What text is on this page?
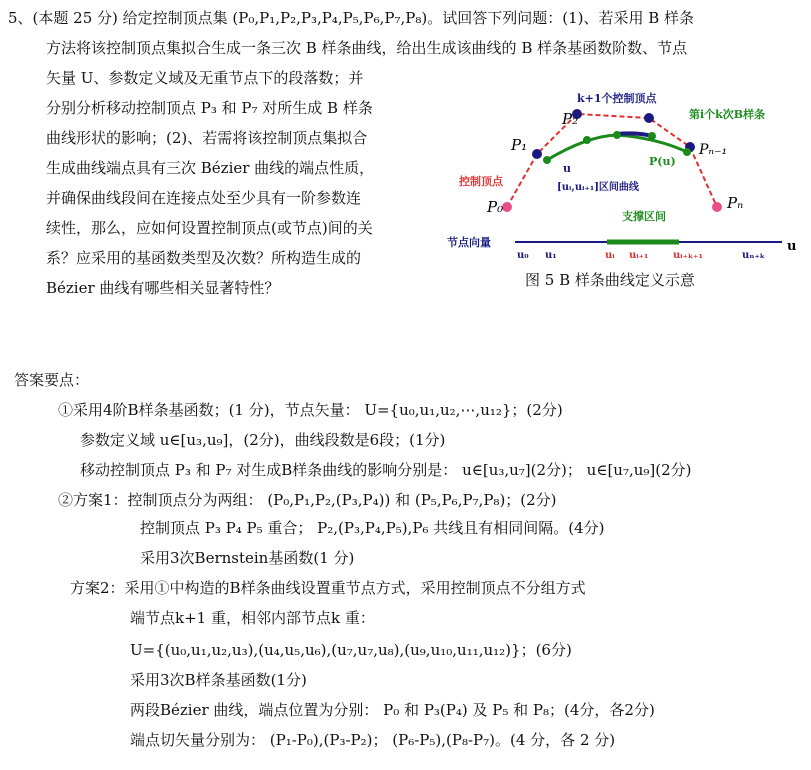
5、(本题 25 分) 给定控制顶点集 (P₀,P₁,P₂,P₃,P₄,P₅,P₆,P₇,P₈)。试回答下列问题：(1)、若采用 B 样条
方法将该控制顶点集拟合生成一条三次 B 样条曲线，给出生成该曲线的 B 样条基函数阶数、节点
矢量 U、参数定义域及无重节点下的段落数；并
分别分析移动控制顶点 P₃ 和 P₇ 对所生成 B 样条
曲线形状的影响；(2)、若需将该控制顶点集拟合
生成曲线端点具有三次 Bézier 曲线的端点性质，
并确保曲线段间在连接点处至少具有一阶参数连
续性，那么，应如何设置控制顶点(或节点)间的关
系？应采用的基函数类型及次数？所构造生成的
Bézier 曲线有哪些相关显著特性？
P₀
P₁
P₂
Pₙ₋₁
Pₙ
k+1个控制顶点
第i个k次B样条
控制顶点
P(u)
u
[uᵢ,uᵢ₊₁]区间曲线
支撑区间
节点向量	u
u₀ u₁	uᵢ uᵢ₊₁ uᵢ₊ₖ₊₁	uₙ₊ₖ
图 5 B 样条曲线定义示意
答案要点：
①采用4阶B样条基函数；(1 分)，节点矢量： U={u₀,u₁,u₂,⋯,u₁₂}；(2分)
参数定义域 u∈[u₃,u₉]，(2分)，曲线段数是6段；(1分)
移动控制顶点 P₃ 和 P₇ 对生成B样条曲线的影响分别是： u∈[u₃,u₇](2分)； u∈[u₇,u₉](2分)
②方案1：控制顶点分为两组： (P₀,P₁,P₂,(P₃,P₄)) 和 (P₅,P₆,P₇,P₈)；(2分)
控制顶点 P₃ P₄ P₅ 重合； P₂,(P₃,P₄,P₅),P₆ 共线且有相同间隔。(4分)
采用3次Bernstein基函数(1 分)
方案2：采用①中构造的B样条曲线设置重节点方式，采用控制顶点不分组方式
端节点k+1 重，相邻内部节点k 重：
U={(u₀,u₁,u₂,u₃),(u₄,u₅,u₆),(u₇,u₇,u₈),(u₉,u₁₀,u₁₁,u₁₂)}；(6分)
采用3次B样条基函数(1分)
两段Bézier 曲线，端点位置为分别： P₀ 和 P₃(P₄) 及 P₅ 和 P₈；(4分，各2分)
端点切矢量分别为： (P₁-P₀),(P₃-P₂)； (P₆-P₅),(P₈-P₇)。(4 分，各 2 分)
